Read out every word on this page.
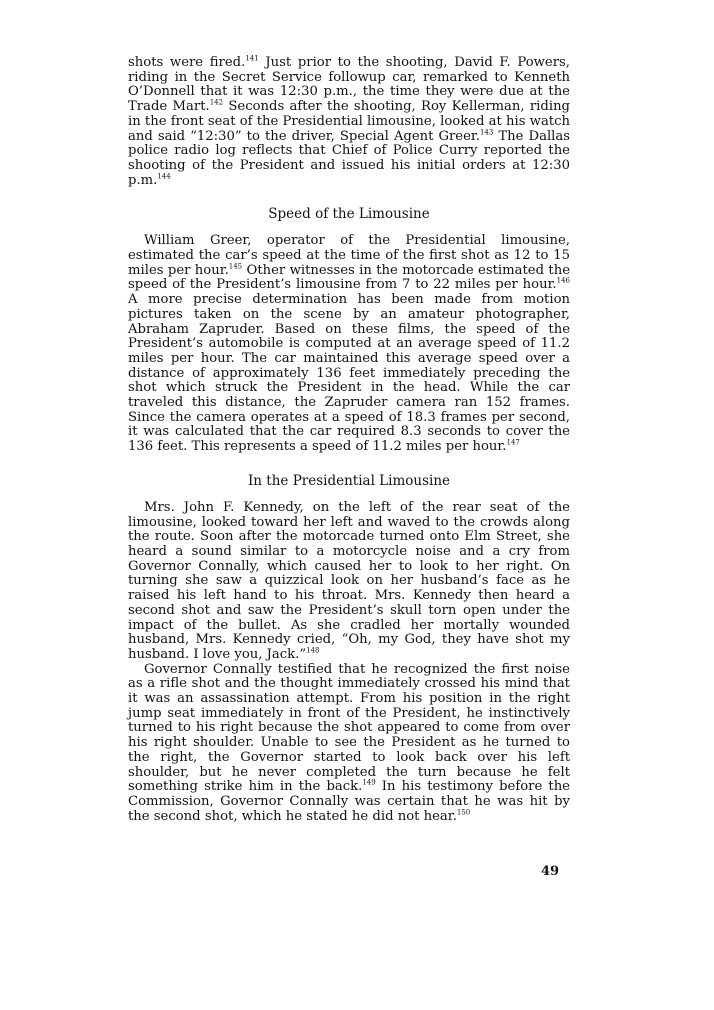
shots were fired.$^{141}$ Just prior to the shooting, David F. Powers, riding in the Secret Service followup car, remarked to Kenneth O’Donnell that it was 12:30 p.m., the time they were due at the Trade Mart.$^{142}$ Seconds after the shooting, Roy Kellerman, riding in the front seat of the Presidential limousine, looked at his watch and said “12:30” to the driver, Special Agent Greer.$^{143}$ The Dallas police radio log reflects that Chief of Police Curry reported the shooting of the President and issued his initial orders at 12:30 p.m.$^{144}$

Speed of the Limousine

William Greer, operator of the Presidential limousine, estimated the car’s speed at the time of the first shot as 12 to 15 miles per hour.$^{145}$ Other witnesses in the motorcade estimated the speed of the President’s limousine from 7 to 22 miles per hour.$^{146}$ A more precise determination has been made from motion pictures taken on the scene by an amateur photographer, Abraham Zapruder. Based on these films, the speed of the President’s automobile is computed at an average speed of 11.2 miles per hour. The car maintained this average speed over a distance of approximately 136 feet immediately preceding the shot which struck the President in the head. While the car traveled this distance, the Zapruder camera ran 152 frames. Since the camera operates at a speed of 18.3 frames per second, it was calculated that the car required 8.3 seconds to cover the 136 feet. This represents a speed of 11.2 miles per hour.$^{147}$

In the Presidential Limousine

Mrs. John F. Kennedy, on the left of the rear seat of the limousine, looked toward her left and waved to the crowds along the route. Soon after the motorcade turned onto Elm Street, she heard a sound similar to a motorcycle noise and a cry from Governor Connally, which caused her to look to her right. On turning she saw a quizzical look on her husband’s face as he raised his left hand to his throat. Mrs. Kennedy then heard a second shot and saw the President’s skull torn open under the impact of the bullet. As she cradled her mortally wounded husband, Mrs. Kennedy cried, “Oh, my God, they have shot my husband. I love you, Jack.”$^{148}$

Governor Connally testified that he recognized the first noise as a rifle shot and the thought immediately crossed his mind that it was an assassination attempt. From his position in the right jump seat immediately in front of the President, he instinctively turned to his right because the shot appeared to come from over his right shoulder. Unable to see the President as he turned to the right, the Governor started to look back over his left shoulder, but he never completed the turn because he felt something strike him in the back.$^{149}$ In his testimony before the Commission, Governor Connally was certain that he was hit by the second shot, which he stated he did not hear.$^{150}$

49
